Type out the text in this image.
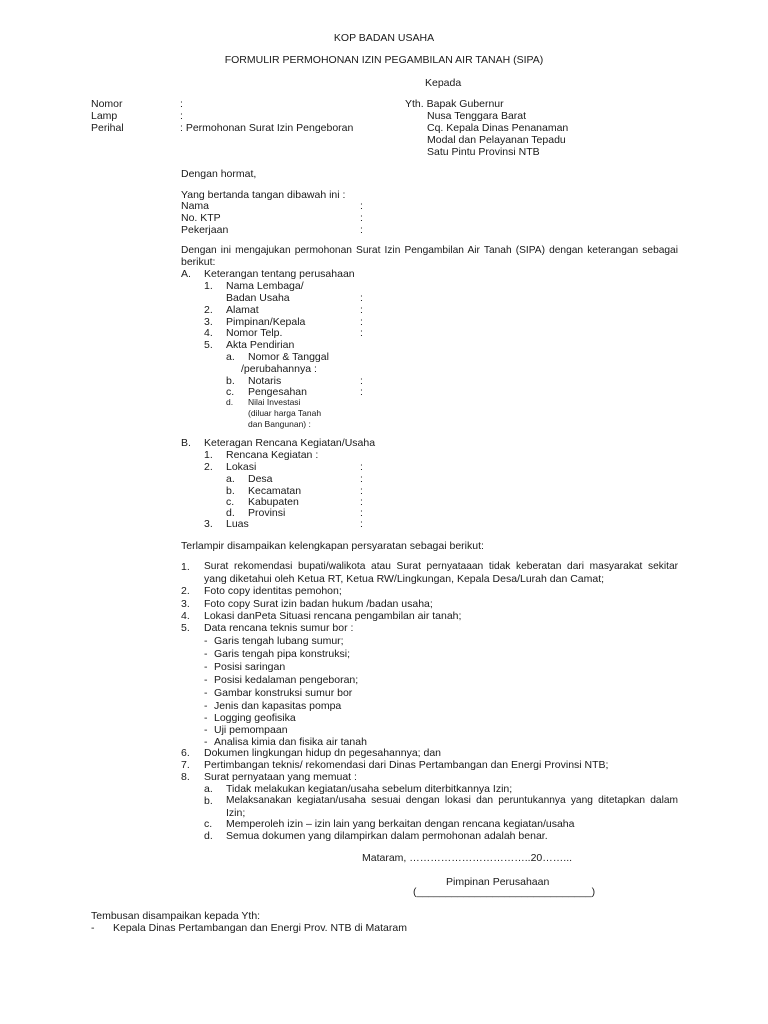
KOP BADAN USAHA
FORMULIR PERMOHONAN IZIN PEGAMBILAN AIR TANAH (SIPA)
Kepada
Nomor	:
Lamp	:
Perihal	: Permohonan Surat Izin Pengeboran
Yth. Bapak Gubernur
Nusa Tenggara Barat
Cq. Kepala Dinas Penanaman
Modal dan Pelayanan Tepadu
Satu Pintu Provinsi NTB
Dengan hormat,
Yang bertanda tangan dibawah ini :
Nama	:
No. KTP	:
Pekerjaan	:
Dengan ini mengajukan permohonan Surat Izin Pengambilan Air Tanah (SIPA) dengan keterangan sebagai
berikut:
A. Keterangan tentang perusahaan
1. Nama Lembaga/
Badan Usaha	:
2. Alamat	:
3. Pimpinan/Kepala	:
4. Nomor Telp.	:
5. Akta Pendirian
a. Nomor & Tanggal
/perubahannya :
b. Notaris	:
c. Pengesahan	:
d. Nilai Investasi
(diluar harga Tanah
dan Bangunan) :
B. Keteragan Rencana Kegiatan/Usaha
1. Rencana Kegiatan :
2. Lokasi	:
a. Desa	:
b. Kecamatan	:
c. Kabupaten	:
d. Provinsi	:
3. Luas	:
Terlampir disampaikan kelengkapan persyaratan sebagai berikut:
1. Surat rekomendasi bupati/walikota atau Surat pernyataaan tidak keberatan dari masyarakat sekitar
yang diketahui oleh Ketua RT, Ketua RW/Lingkungan, Kepala Desa/Lurah dan Camat;
2. Foto copy identitas pemohon;
3. Foto copy Surat izin badan hukum /badan usaha;
4. Lokasi danPeta Situasi rencana pengambilan air tanah;
5. Data rencana teknis sumur bor :
- Garis tengah lubang sumur;
- Garis tengah pipa konstruksi;
- Posisi saringan
- Posisi kedalaman pengeboran;
- Gambar konstruksi sumur bor
- Jenis dan kapasitas pompa
- Logging geofisika
- Uji pemompaan
- Analisa kimia dan fisika air tanah
6. Dokumen lingkungan hidup dn pegesahannya; dan
7. Pertimbangan teknis/ rekomendasi dari Dinas Pertambangan dan Energi Provinsi NTB;
8. Surat pernyataan yang memuat :
a. Tidak melakukan kegiatan/usaha sebelum diterbitkannya Izin;
b. Melaksanakan kegiatan/usaha sesuai dengan lokasi dan peruntukannya yang ditetapkan dalam
Izin;
c. Memperoleh izin – izin lain yang berkaitan dengan rencana kegiatan/usaha
d. Semua dokumen yang dilampirkan dalam permohonan adalah benar.
Mataram, ……………………………..20……...
Pimpinan Perusahaan
(______________________________)
Tembusan disampaikan kepada Yth:
- Kepala Dinas Pertambangan dan Energi Prov. NTB di Mataram
